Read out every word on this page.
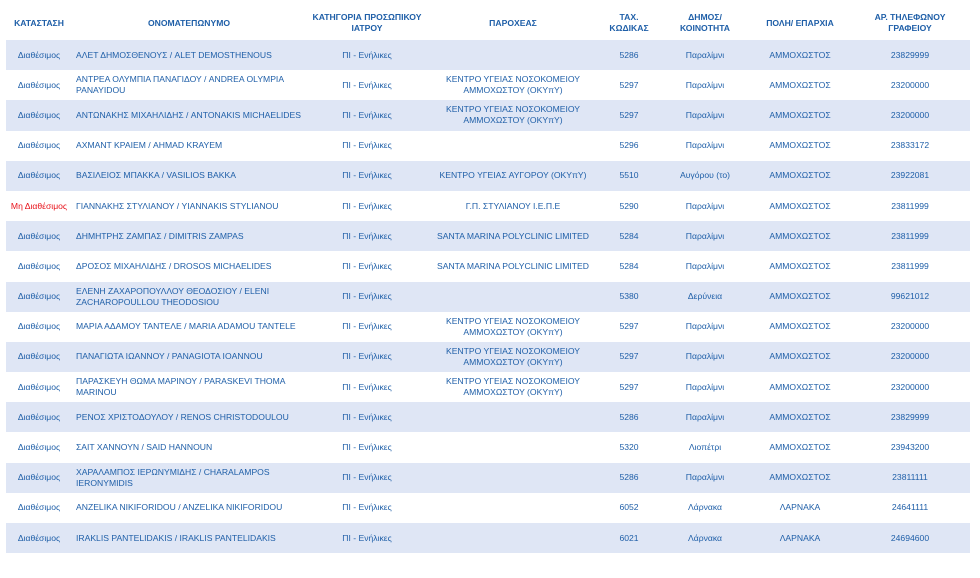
ΚΑΤΑΣΤΑΣΗ	ΟΝΟΜΑΤΕΠΩΝΥΜΟ	ΚΑΤΗΓΟΡΙΑ ΠΡΟΣΩΠΙΚΟΥ ΙΑΤΡΟΥ	ΠΑΡΟΧΕΑΣ	ΤΑΧ. ΚΩΔΙΚΑΣ	ΔΗΜΟΣ/ ΚΟΙΝΟΤΗΤΑ	ΠΟΛΗ/ ΕΠΑΡΧΙΑ	ΑΡ. ΤΗΛΕΦΩΝΟΥ ΓΡΑΦΕΙΟΥ
Διαθέσιμος	ΑΛΕΤ ΔΗΜΟΣΘΕΝΟΥΣ / ALET DEMOSTHENOUS	ΠΙ - Ενήλικες		5286	Παραλίμνι	ΑΜΜΟΧΩΣΤΟΣ	23829999
Διαθέσιμος	ΑΝΤΡΕΑ ΟΛΥΜΠΙΑ ΠΑΝΑΓΙΔΟΥ / ANDREA OLYMPIA PANAYIDOU	ΠΙ - Ενήλικες	ΚΕΝΤΡΟ ΥΓΕΙΑΣ ΝΟΣΟΚΟΜΕΙΟΥ ΑΜΜΟΧΩΣΤΟΥ (ΟΚΥπΥ)	5297	Παραλίμνι	ΑΜΜΟΧΩΣΤΟΣ	23200000
Διαθέσιμος	ΑΝΤΩΝΑΚΗΣ ΜΙΧΑΗΛΙΔΗΣ / ANTONAKIS MICHAELIDES	ΠΙ - Ενήλικες	ΚΕΝΤΡΟ ΥΓΕΙΑΣ ΝΟΣΟΚΟΜΕΙΟΥ ΑΜΜΟΧΩΣΤΟΥ (ΟΚΥπΥ)	5297	Παραλίμνι	ΑΜΜΟΧΩΣΤΟΣ	23200000
Διαθέσιμος	ΑΧΜΑΝΤ ΚΡΑΙΕΜ / AHMAD KRAYEM	ΠΙ - Ενήλικες		5296	Παραλίμνι	ΑΜΜΟΧΩΣΤΟΣ	23833172
Διαθέσιμος	ΒΑΣΙΛΕΙΟΣ ΜΠΑΚΚΑ / VASILIOS BAKKA	ΠΙ - Ενήλικες	ΚΕΝΤΡΟ ΥΓΕΙΑΣ ΑΥΓΟΡΟΥ (ΟΚΥπΥ)	5510	Αυγόρου (το)	ΑΜΜΟΧΩΣΤΟΣ	23922081
Μη Διαθέσιμος	ΓΙΑΝΝΑΚΗΣ ΣΤΥΛΙΑΝΟΥ / YIANNAKIS STYLIANOU	ΠΙ - Ενήλικες	Γ.Π. ΣΤΥΛΙΑΝΟΥ Ι.Ε.Π.Ε	5290	Παραλίμνι	ΑΜΜΟΧΩΣΤΟΣ	23811999
Διαθέσιμος	ΔΗΜΗΤΡΗΣ ΖΑΜΠΑΣ / DIMITRIS ZAMPAS	ΠΙ - Ενήλικες	SANTA MARINA POLYCLINIC LIMITED	5284	Παραλίμνι	ΑΜΜΟΧΩΣΤΟΣ	23811999
Διαθέσιμος	ΔΡΟΣΟΣ ΜΙΧΑΗΛΙΔΗΣ / DROSOS MICHAELIDES	ΠΙ - Ενήλικες	SANTA MARINA POLYCLINIC LIMITED	5284	Παραλίμνι	ΑΜΜΟΧΩΣΤΟΣ	23811999
Διαθέσιμος	ΕΛΕΝΗ ΖΑΧΑΡΟΠΟΥΛΛΟΥ ΘΕΟΔΟΣΙΟΥ / ELENI ZACHAROPOULLOU THEODOSIOU	ΠΙ - Ενήλικες		5380	Δερύνεια	ΑΜΜΟΧΩΣΤΟΣ	99621012
Διαθέσιμος	ΜΑΡΙΑ ΑΔΑΜΟΥ ΤΑΝΤΕΛΕ / MARIA ADAMOU TANTELE	ΠΙ - Ενήλικες	ΚΕΝΤΡΟ ΥΓΕΙΑΣ ΝΟΣΟΚΟΜΕΙΟΥ ΑΜΜΟΧΩΣΤΟΥ (ΟΚΥπΥ)	5297	Παραλίμνι	ΑΜΜΟΧΩΣΤΟΣ	23200000
Διαθέσιμος	ΠΑΝΑΓΙΩΤΑ ΙΩΑΝΝΟΥ / PANAGIOTA IOANNOU	ΠΙ - Ενήλικες	ΚΕΝΤΡΟ ΥΓΕΙΑΣ ΝΟΣΟΚΟΜΕΙΟΥ ΑΜΜΟΧΩΣΤΟΥ (ΟΚΥπΥ)	5297	Παραλίμνι	ΑΜΜΟΧΩΣΤΟΣ	23200000
Διαθέσιμος	ΠΑΡΑΣΚΕΥΗ ΘΩΜΑ ΜΑΡΙΝΟΥ / PARASKEVI THOMA MARINOU	ΠΙ - Ενήλικες	ΚΕΝΤΡΟ ΥΓΕΙΑΣ ΝΟΣΟΚΟΜΕΙΟΥ ΑΜΜΟΧΩΣΤΟΥ (ΟΚΥπΥ)	5297	Παραλίμνι	ΑΜΜΟΧΩΣΤΟΣ	23200000
Διαθέσιμος	ΡΕΝΟΣ ΧΡΙΣΤΟΔΟΥΛΟΥ / RENOS CHRISTODOULOU	ΠΙ - Ενήλικες		5286	Παραλίμνι	ΑΜΜΟΧΩΣΤΟΣ	23829999
Διαθέσιμος	ΣΑΙΤ ΧΑΝΝΟΥΝ / SAID HANNOUN	ΠΙ - Ενήλικες		5320	Λιοπέτρι	ΑΜΜΟΧΩΣΤΟΣ	23943200
Διαθέσιμος	ΧΑΡΑΛΑΜΠΟΣ ΙΕΡΩΝΥΜΙΔΗΣ / CHARALAMPOS IERONYMIDIS	ΠΙ - Ενήλικες		5286	Παραλίμνι	ΑΜΜΟΧΩΣΤΟΣ	23811111
Διαθέσιμος	ANZELIKA NIKIFORIDOU / ANZELIKA NIKIFORIDOU	ΠΙ - Ενήλικες		6052	Λάρνακα	ΛΑΡΝΑΚΑ	24641111
Διαθέσιμος	IRAKLIS PANTELIDAKIS / IRAKLIS PANTELIDAKIS	ΠΙ - Ενήλικες		6021	Λάρνακα	ΛΑΡΝΑΚΑ	24694600
